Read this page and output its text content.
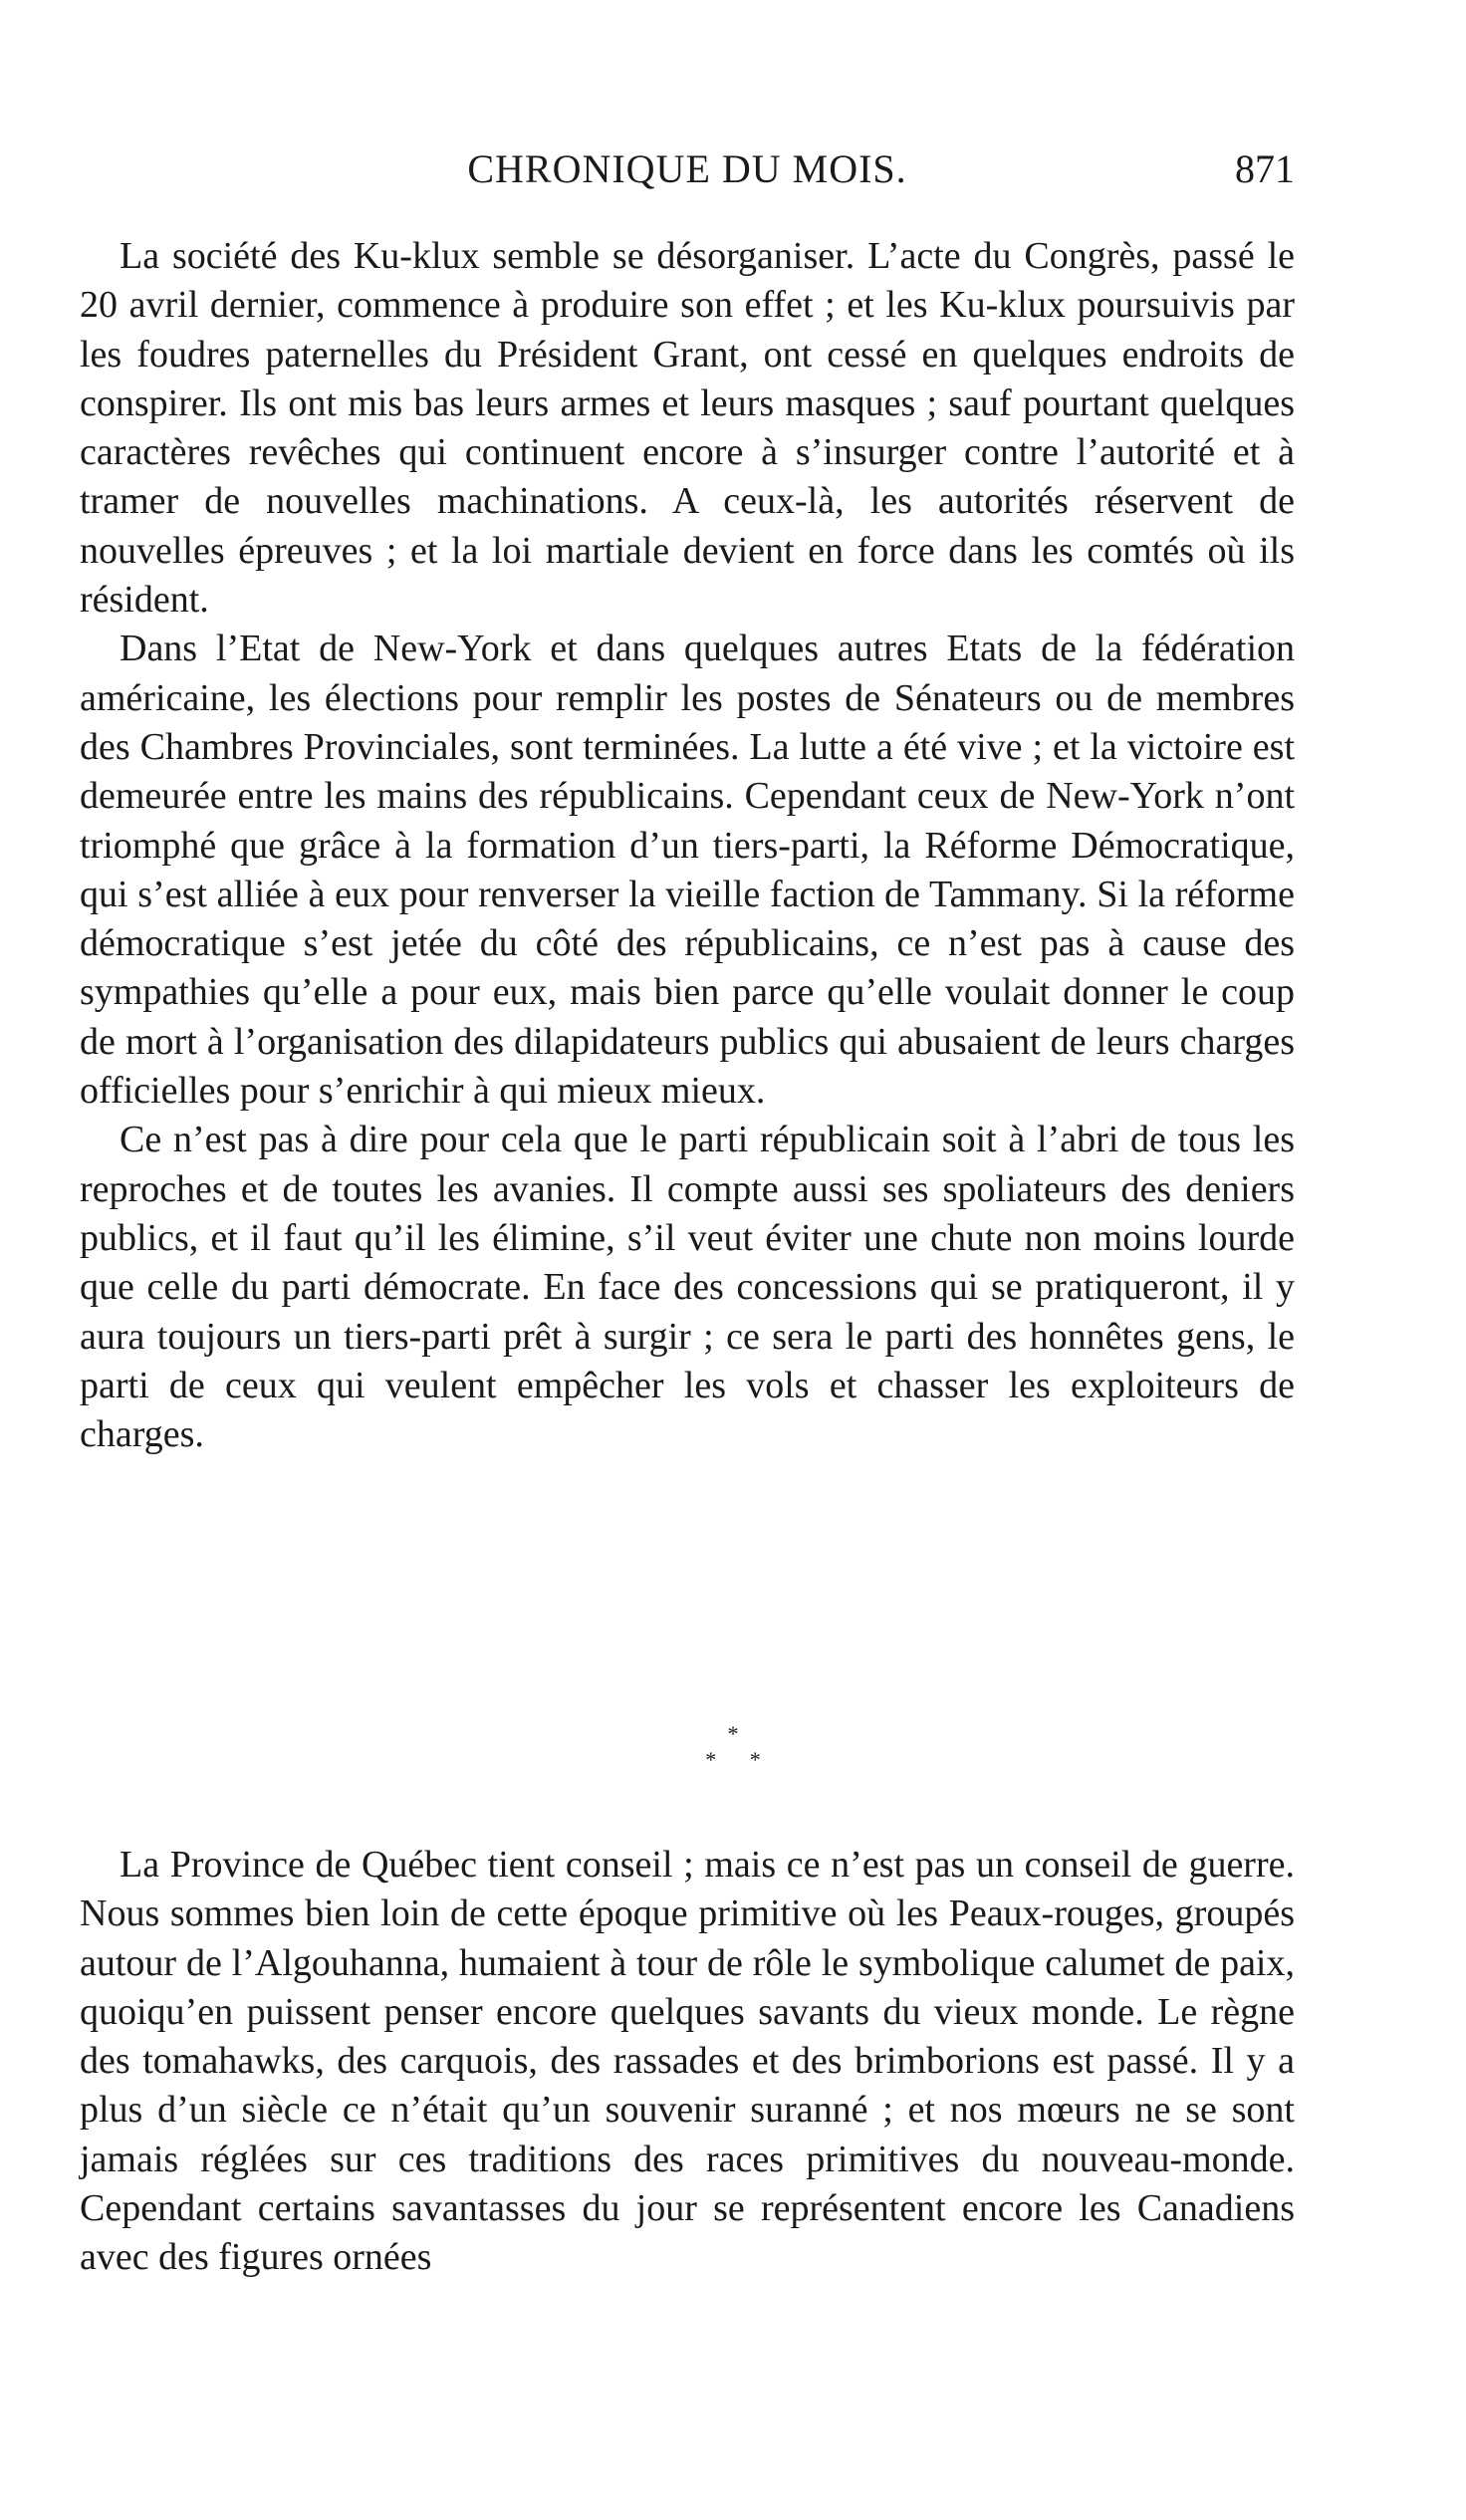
CHRONIQUE DU MOIS.	871

La société des Ku-klux semble se désorganiser. L’acte du Congrès, passé le 20 avril dernier, commence à produire son effet ; et les Ku-klux poursuivis par les foudres paternelles du Président Grant, ont cessé en quelques endroits de conspirer. Ils ont mis bas leurs armes et leurs masques ; sauf pourtant quelques caractères revêches qui continuent encore à s’insurger contre l’autorité et à tramer de nouvelles machinations. A ceux-là, les autorités réservent de nouvelles épreuves ; et la loi martiale devient en force dans les comtés où ils résident.

Dans l’Etat de New-York et dans quelques autres Etats de la fédération américaine, les élections pour remplir les postes de Sénateurs ou de membres des Chambres Provinciales, sont terminées. La lutte a été vive ; et la victoire est demeurée entre les mains des républicains. Cependant ceux de New-York n’ont triomphé que grâce à la formation d’un tiers-parti, la Réforme Démocratique, qui s’est alliée à eux pour renverser la vieille faction de Tammany. Si la réforme démocratique s’est jetée du côté des républicains, ce n’est pas à cause des sympathies qu’elle a pour eux, mais bien parce qu’elle voulait donner le coup de mort à l’organisation des dilapidateurs publics qui abusaient de leurs charges officielles pour s’enrichir à qui mieux mieux.

Ce n’est pas à dire pour cela que le parti républicain soit à l’abri de tous les reproches et de toutes les avanies. Il compte aussi ses spoliateurs des deniers publics, et il faut qu’il les élimine, s’il veut éviter une chute non moins lourde que celle du parti démocrate. En face des concessions qui se pratiqueront, il y aura toujours un tiers-parti prêt à surgir ; ce sera le parti des honnêtes gens, le parti de ceux qui veulent empêcher les vols et chasser les exploiteurs de charges.

*
* *

La Province de Québec tient conseil ; mais ce n’est pas un conseil de guerre. Nous sommes bien loin de cette époque primitive où les Peaux-rouges, groupés autour de l’Algouhanna, humaient à tour de rôle le symbolique calumet de paix, quoiqu’en puissent penser encore quelques savants du vieux monde. Le règne des tomahawks, des carquois, des rassades et des brimborions est passé. Il y a plus d’un siècle ce n’était qu’un souvenir suranné ; et nos mœurs ne se sont jamais réglées sur ces traditions des races primitives du nouveau-monde. Cependant certains savantasses du jour se représentent encore les Canadiens avec des figures ornées
